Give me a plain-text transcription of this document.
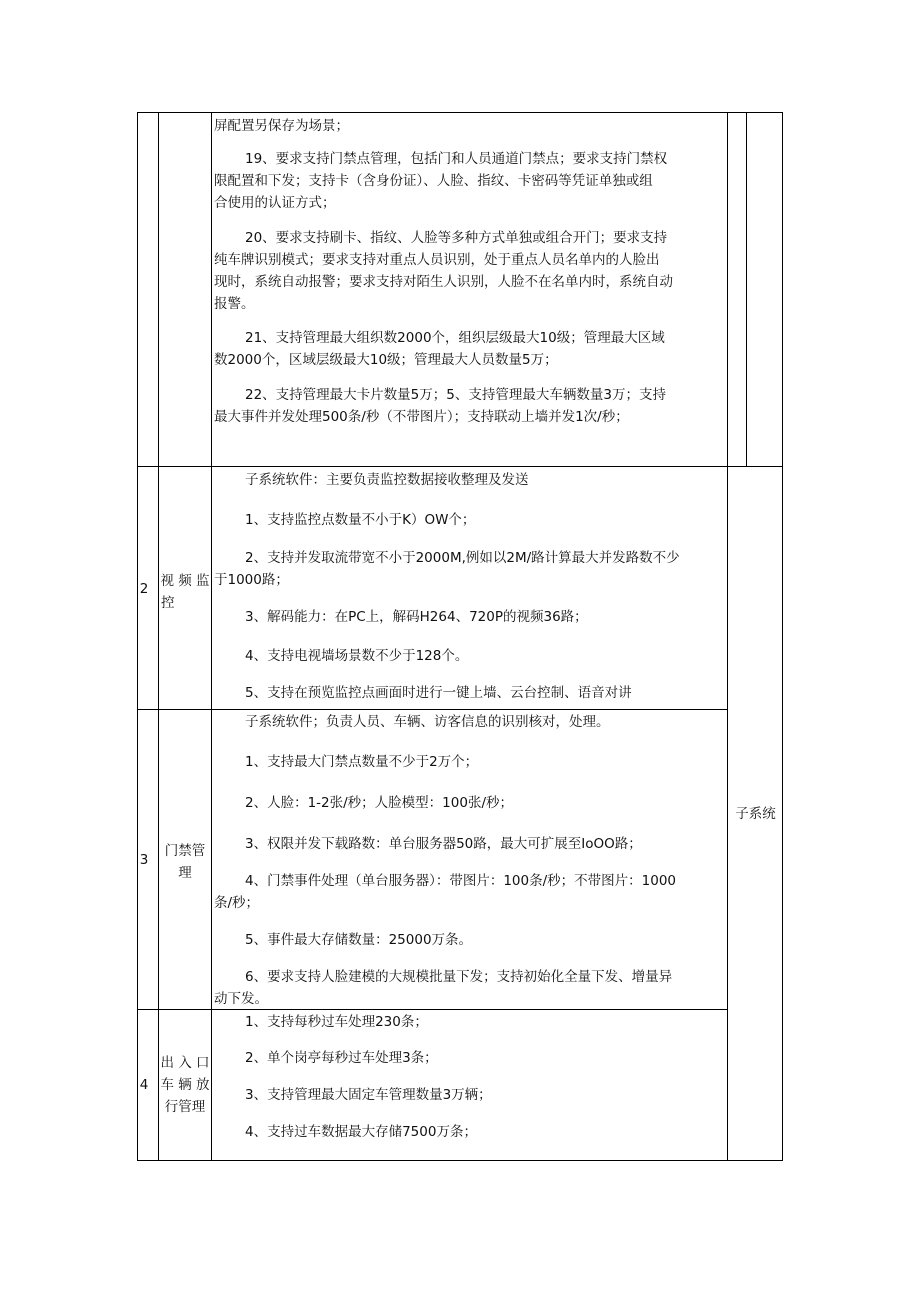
屏配置另保存为场景；
19、要求支持门禁点管理，包括门和人员通道门禁点；要求支持门禁权
限配置和下发；支持卡（含身份证）、人脸、指纹、卡密码等凭证单独或组
合使用的认证方式；
20、要求支持刷卡、指纹、人脸等多种方式单独或组合开门；要求支持
纯车牌识别模式；要求支持对重点人员识别，处于重点人员名单内的人脸出
现时，系统自动报警；要求支持对陌生人识别，人脸不在名单内时，系统自动
报警。
21、支持管理最大组织数2000个，组织层级最大10级；管理最大区域
数2000个，区域层级最大10级；管理最大人员数量5万；
22、支持管理最大卡片数量5万；5、支持管理最大车辆数量3万；支持
最大事件并发处理500条/秒（不带图片）；支持联动上墙并发1次/秒；
2 视 频 监
控
子系统软件：主要负责监控数据接收整理及发送
1、支持监控点数量不小于K）OW个；
2、支持并发取流带宽不小于2000M,例如以2M/路计算最大并发路数不少
于1000路；
3、解码能力：在PC上，解码H264、720P的视频36路；
4、支持电视墙场景数不少于128个。
5、支持在预览监控点画面时进行一键上墙、云台控制、语音对讲
3
门禁管
理
子系统软件；负责人员、车辆、访客信息的识别核对，处理。
1、支持最大门禁点数量不少于2万个；
2、人脸：1-2张/秒；人脸模型：100张/秒；
3、权限并发下载路数：单台服务器50路，最大可扩展至IoOO路；
4、门禁事件处理（单台服务器）：带图片：100条/秒；不带图片：1000
条/秒；
5、事件最大存储数量：25000万条。
6、要求支持人脸建模的大规模批量下发；支持初始化全量下发、增量异
动下发。
4
出 入 口
车 辆 放
行管理
1、支持每秒过车处理230条；
2、单个岗亭每秒过车处理3条；
3、支持管理最大固定车管理数量3万辆；
4、支持过车数据最大存储7500万条；
子系统
